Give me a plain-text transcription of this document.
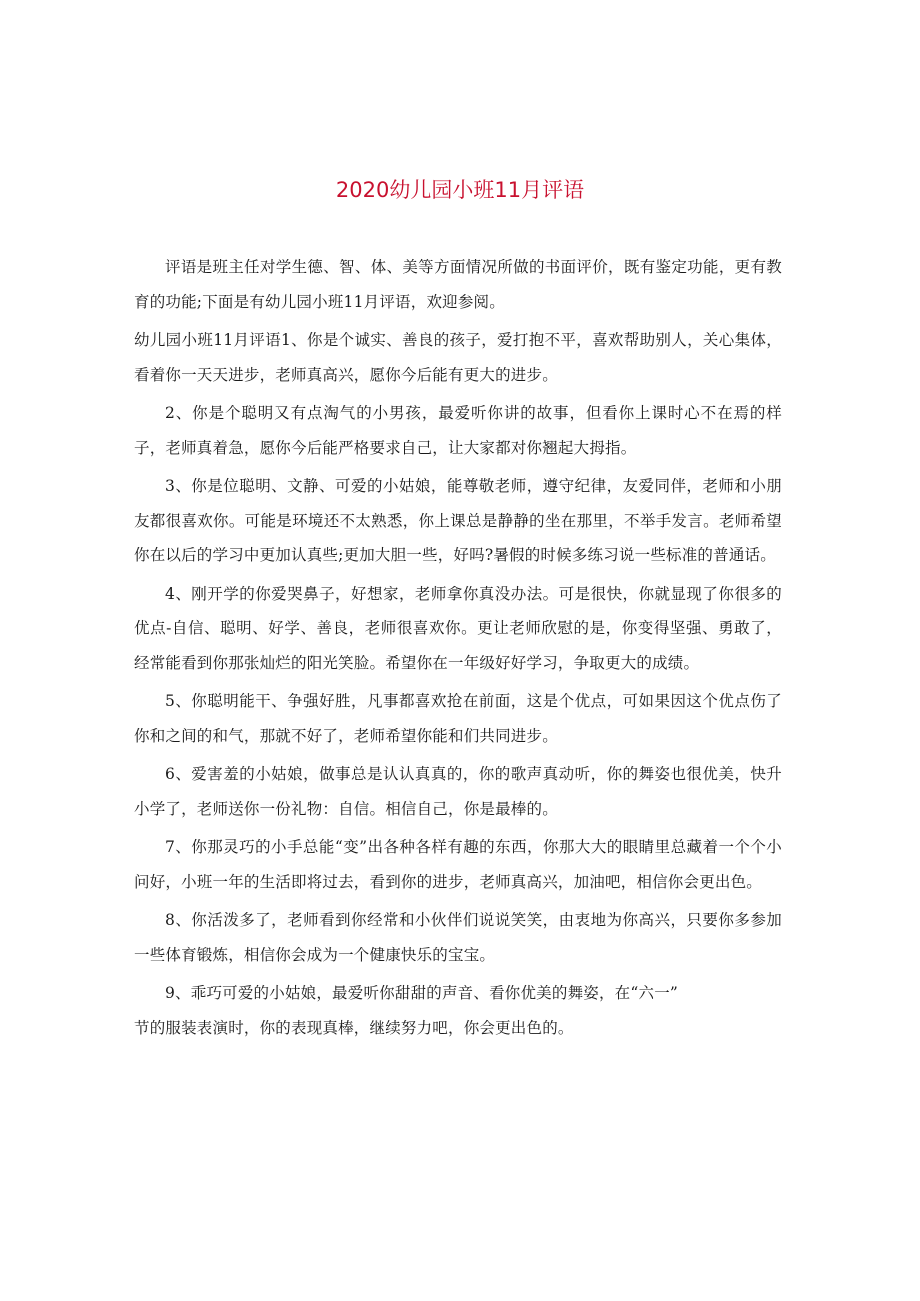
2020幼儿园小班11月评语

评语是班主任对学生德、智、体、美等方面情况所做的书面评价，既有鉴定功能，更有教育的功能;下面是有幼儿园小班11月评语，欢迎参阅。

幼儿园小班11月评语1、你是个诚实、善良的孩子，爱打抱不平，喜欢帮助别人，关心集体，看着你一天天进步，老师真高兴，愿你今后能有更大的进步。

2、你是个聪明又有点淘气的小男孩，最爱听你讲的故事，但看你上课时心不在焉的样子，老师真着急，愿你今后能严格要求自己，让大家都对你翘起大拇指。

3、你是位聪明、文静、可爱的小姑娘，能尊敬老师，遵守纪律，友爱同伴，老师和小朋友都很喜欢你。可能是环境还不太熟悉，你上课总是静静的坐在那里，不举手发言。老师希望你在以后的学习中更加认真些;更加大胆一些，好吗?暑假的时候多练习说一些标准的普通话。

4、刚开学的你爱哭鼻子，好想家，老师拿你真没办法。可是很快，你就显现了你很多的优点-自信、聪明、好学、善良，老师很喜欢你。更让老师欣慰的是，你变得坚强、勇敢了，经常能看到你那张灿烂的阳光笑脸。希望你在一年级好好学习，争取更大的成绩。

5、你聪明能干、争强好胜，凡事都喜欢抢在前面，这是个优点，可如果因这个优点伤了你和之间的和气，那就不好了，老师希望你能和们共同进步。

6、爱害羞的小姑娘，做事总是认认真真的，你的歌声真动听，你的舞姿也很优美，快升小学了，老师送你一份礼物：自信。相信自己，你是最棒的。

7、你那灵巧的小手总能“变”出各种各样有趣的东西，你那大大的眼睛里总藏着一个个小问好，小班一年的生活即将过去，看到你的进步，老师真高兴，加油吧，相信你会更出色。

8、你活泼多了，老师看到你经常和小伙伴们说说笑笑，由衷地为你高兴，只要你多参加一些体育锻炼，相信你会成为一个健康快乐的宝宝。

9、乖巧可爱的小姑娘，最爱听你甜甜的声音、看你优美的舞姿，在“六一”
节的服装表演时，你的表现真棒，继续努力吧，你会更出色的。
